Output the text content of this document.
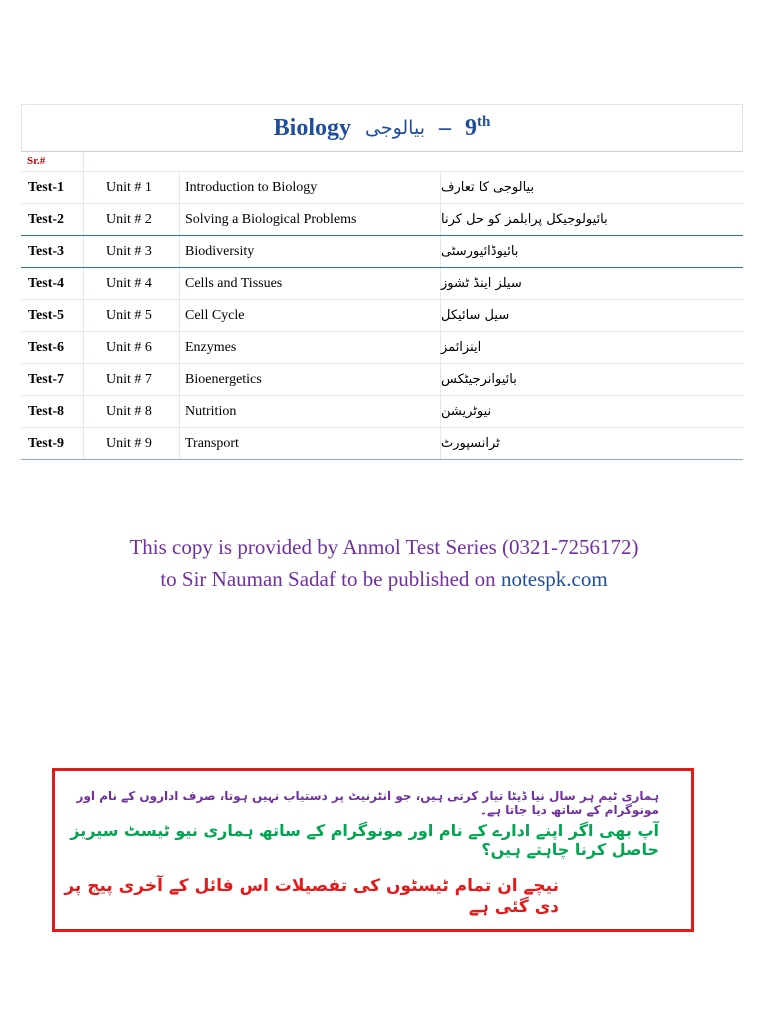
Biology بیالوجی – 9th
Sr.#
Test-1	Unit # 1	Introduction to Biology	بیالوجی کا تعارف
Test-2	Unit # 2	Solving a Biological Problems	بائیولوجیکل پرابلمز کو حل کرنا
Test-3	Unit # 3	Biodiversity	بائیوڈائیورسٹی
Test-4	Unit # 4	Cells and Tissues	سیلز اینڈ ٹشوز
Test-5	Unit # 5	Cell Cycle	سیل سائیکل
Test-6	Unit # 6	Enzymes	اینزائمز
Test-7	Unit # 7	Bioenergetics	بائیوانرجیٹکس
Test-8	Unit # 8	Nutrition	نیوٹریشن
Test-9	Unit # 9	Transport	ٹرانسپورٹ
This copy is provided by Anmol Test Series (0321-7256172)
to Sir Nauman Sadaf to be published on notespk.com
ہماری ٹیم ہر سال نیا ڈیٹا تیار کرتی ہیں، جو انٹرنیٹ پر دستیاب نہیں ہوتا، صرف اداروں کے نام اور مونوگرام کے ساتھ دیا جاتا ہے۔
آپ بھی اگر اپنے ادارے کے نام اور مونوگرام کے ساتھ ہماری نیو ٹیسٹ سیریز حاصل کرنا چاہتے ہیں؟
نیچے ان تمام ٹیسٹوں کی تفصیلات اس فائل کے آخری پیج پر دی گئی ہے
